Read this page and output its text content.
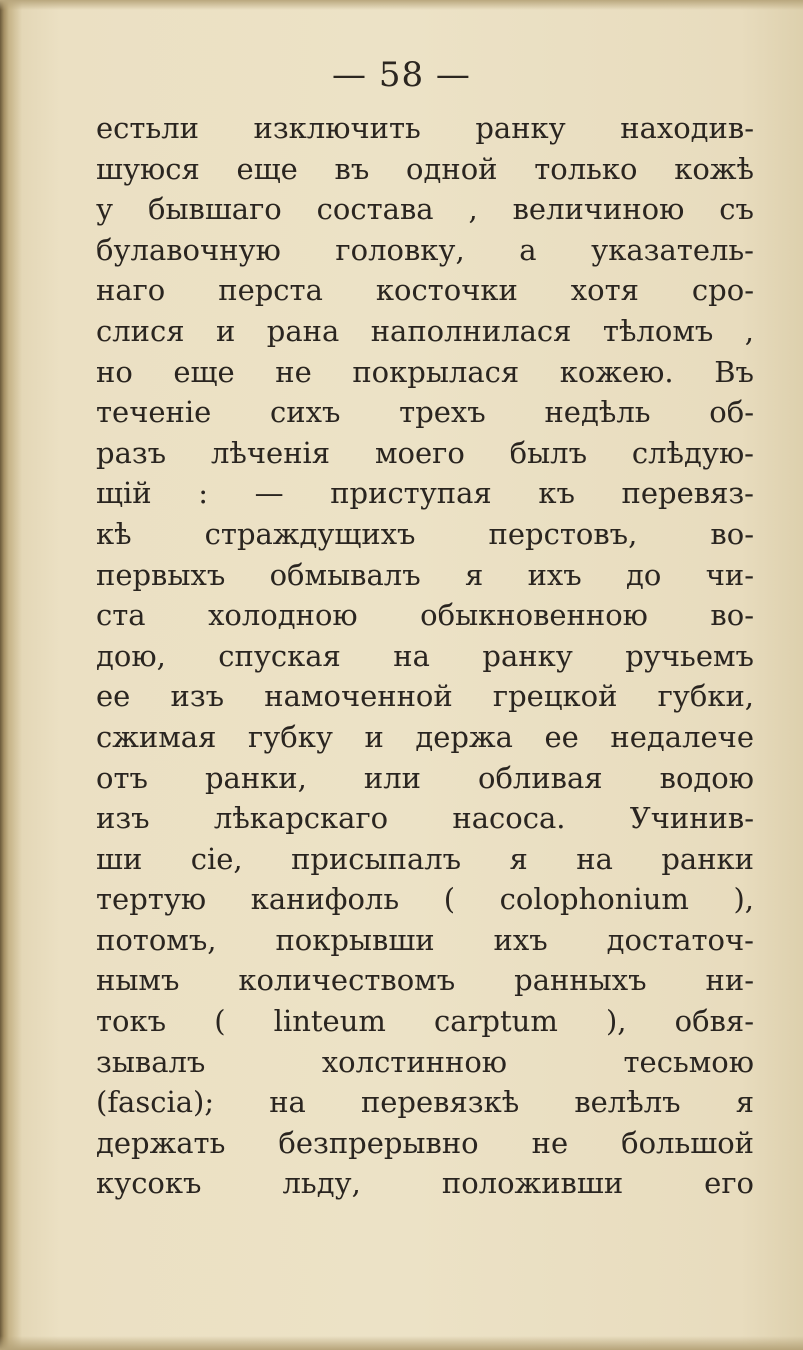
— 58 —
естьли изключить ранку находив-
шуюся еще въ одной только кожѣ
у бывшаго состава , величиною съ
булавочную головку, а указатель-
наго перста косточки хотя сро-
слися и рана наполнилася тѣломъ ,
но еще не покрылася кожею. Въ
теченіе сихъ трехъ недѣль об-
разъ лѣченія моего былъ слѣдую-
щій : — приступая къ перевяз-
кѣ страждущихъ перстовъ, во-
первыхъ обмывалъ я ихъ до чи-
ста холодною обыкновенною во-
дою, спуская на ранку ручьемъ
ее изъ намоченной грецкой губки,
сжимая губку и держа ее недалече
отъ ранки, или обливая водою
изъ лѣкарскаго насоса. Учинив-
ши сіе, присыпалъ я на ранки
тертую канифоль ( colophonium ),
потомъ, покрывши ихъ достаточ-
нымъ количествомъ ранныхъ ни-
токъ ( linteum carptum ), обвя-
зывалъ холстинною тесьмою
(fascia); на перевязкѣ велѣлъ я
держать безпрерывно не большой
кусокъ льду, положивши его
